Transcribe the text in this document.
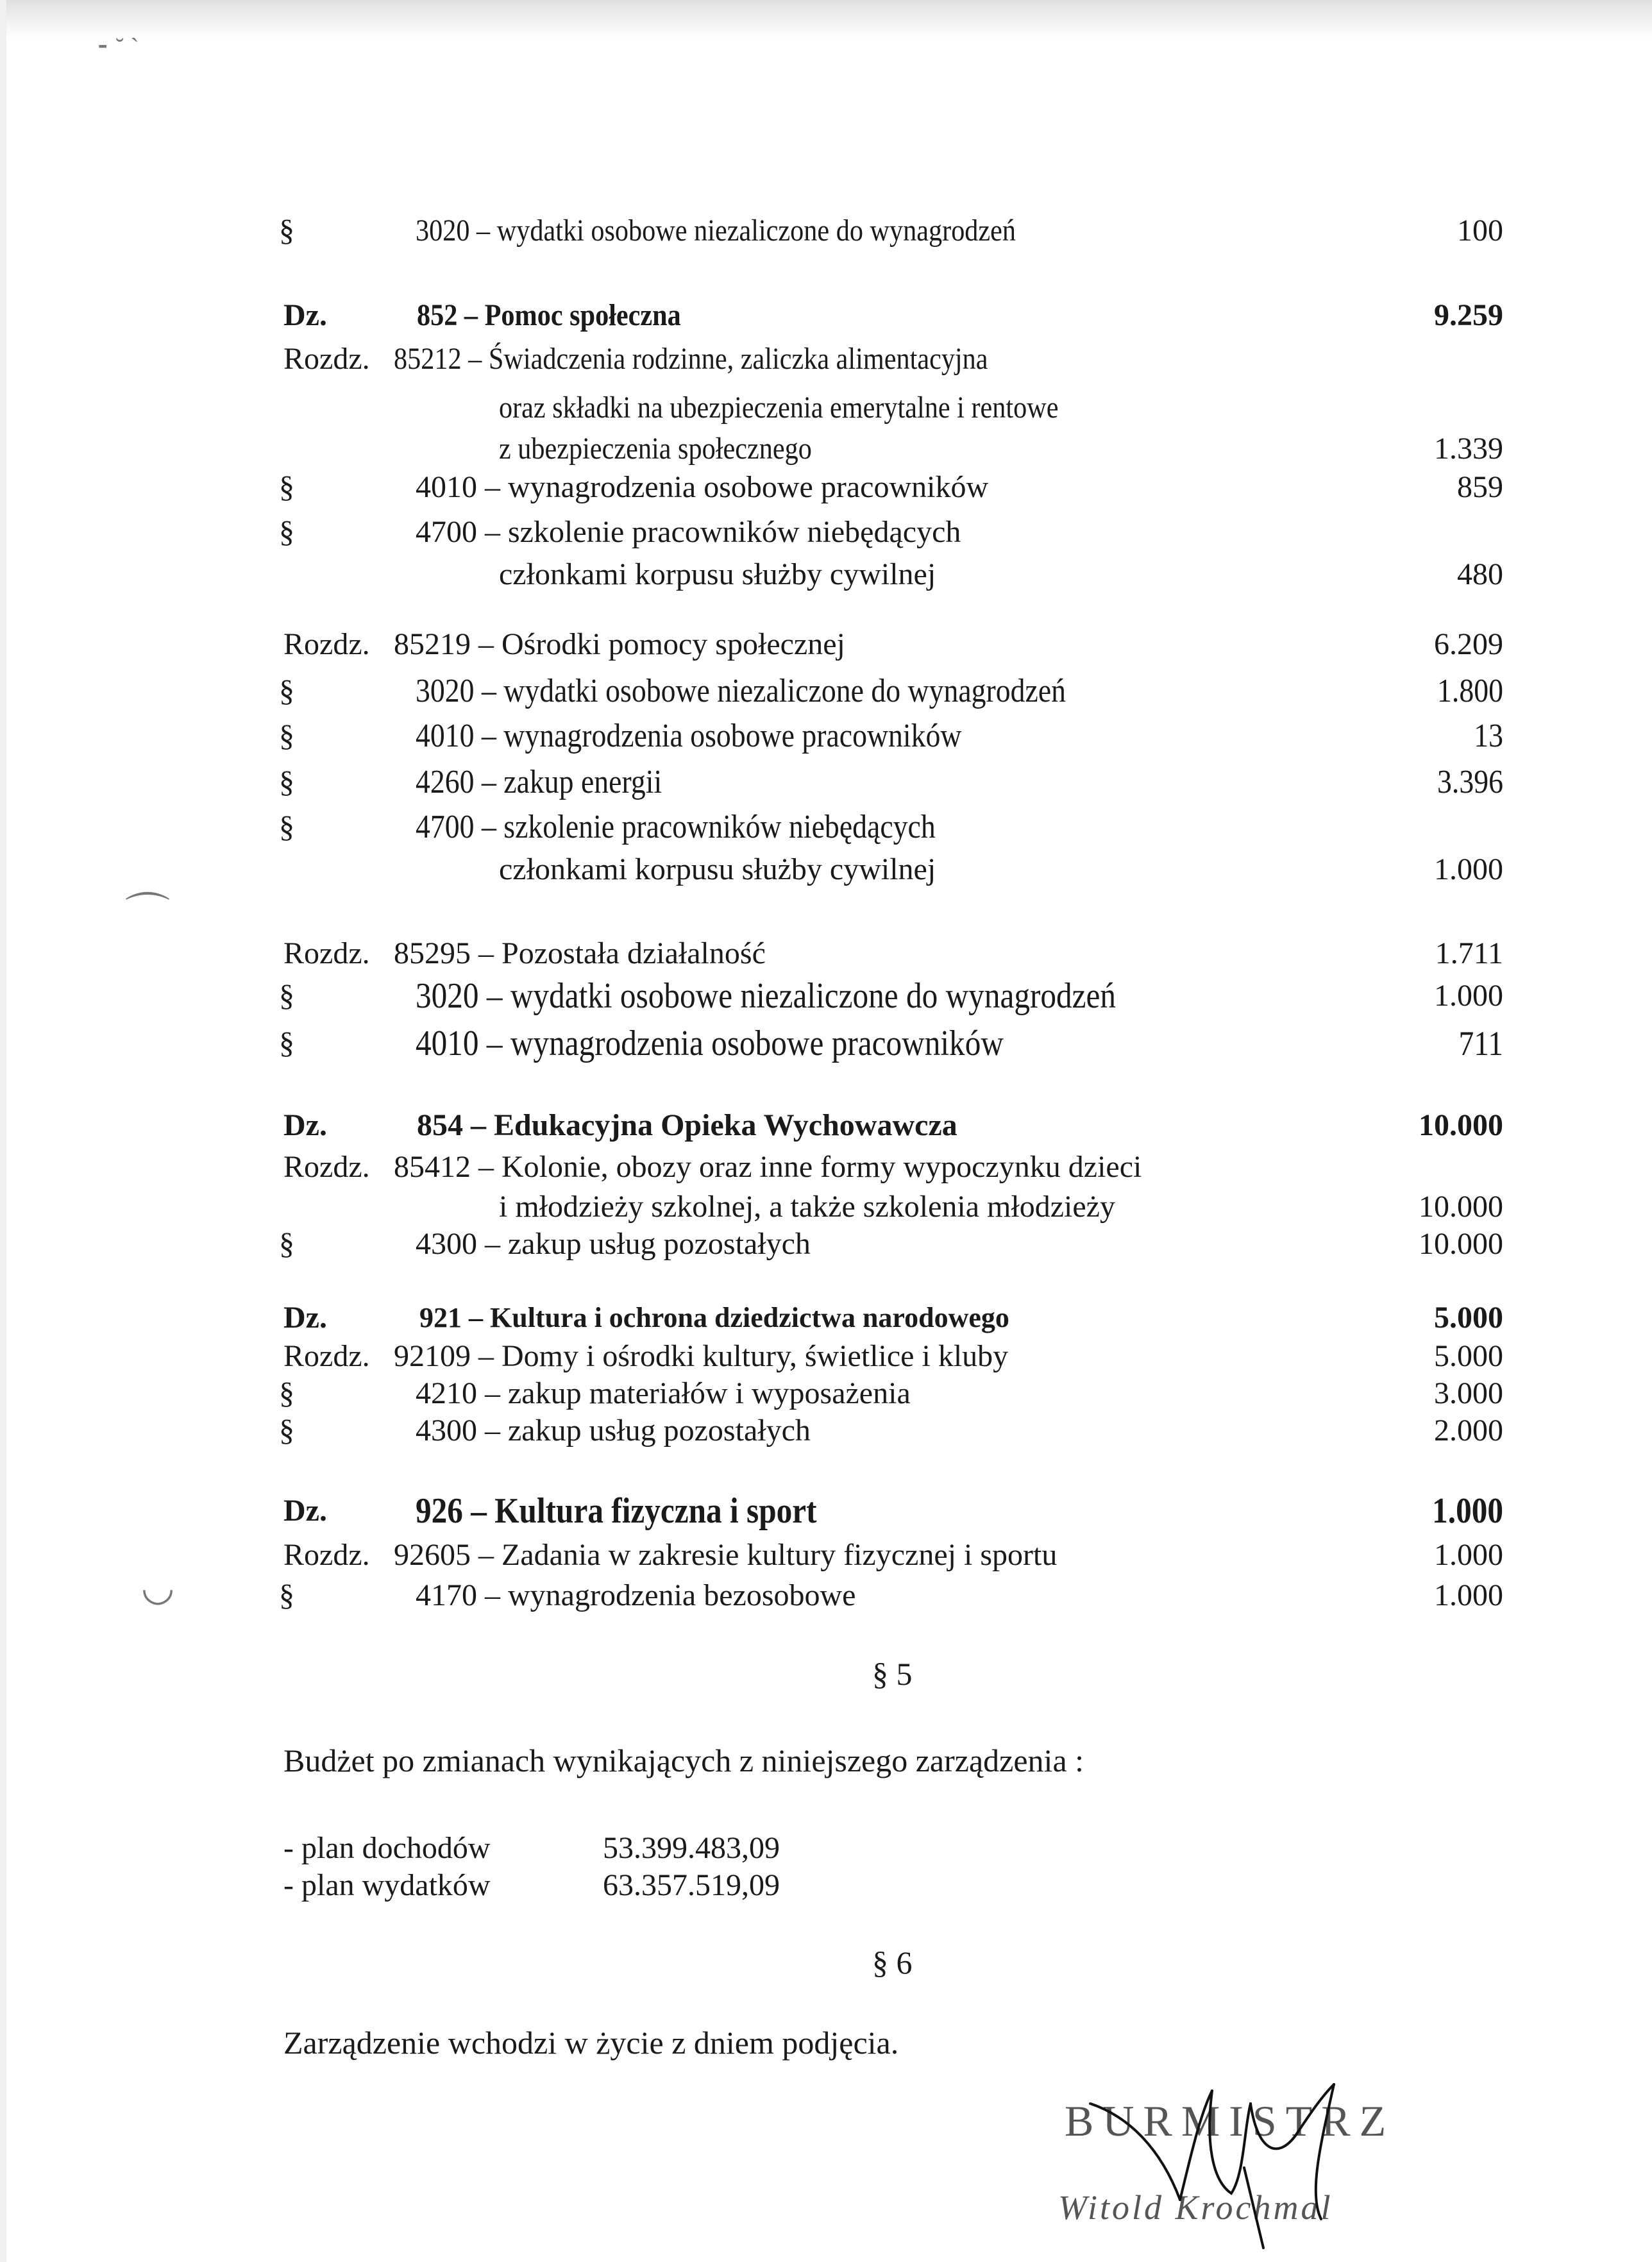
⁃ ˘ ˋ
⌒
◡
§	3020 – wydatki osobowe niezaliczone do wynagrodzeń	100
Dz.	852 – Pomoc społeczna	9.259
Rozdz. 85212 – Świadczenia rodzinne, zaliczka alimentacyjna
oraz składki na ubezpieczenia emerytalne i rentowe
z ubezpieczenia społecznego	1.339
§	4010 – wynagrodzenia osobowe pracowników	859
§	4700 – szkolenie pracowników niebędących
członkami korpusu służby cywilnej	480
Rozdz. 85219 – Ośrodki pomocy społecznej	6.209
§	3020 – wydatki osobowe niezaliczone do wynagrodzeń	1.800
§	4010 – wynagrodzenia osobowe pracowników	13
§	4260 – zakup energii	3.396
§	4700 – szkolenie pracowników niebędących
członkami korpusu służby cywilnej	1.000
Rozdz. 85295 – Pozostała działalność	1.711
§	3020 – wydatki osobowe niezaliczone do wynagrodzeń	1.000
§	4010 – wynagrodzenia osobowe pracowników	711
Dz.	854 – Edukacyjna Opieka Wychowawcza	10.000
Rozdz. 85412 – Kolonie, obozy oraz inne formy wypoczynku dzieci
i młodzieży szkolnej, a także szkolenia młodzieży	10.000
§	4300 – zakup usług pozostałych	10.000
Dz.	921 – Kultura i ochrona dziedzictwa narodowego	5.000
Rozdz. 92109 – Domy i ośrodki kultury, świetlice i kluby	5.000
§	4210 – zakup materiałów i wyposażenia	3.000
§	4300 – zakup usług pozostałych	2.000
Dz. 926 – Kultura fizyczna i sport	1.000
Rozdz. 92605 – Zadania w zakresie kultury fizycznej i sportu	1.000
§	4170 – wynagrodzenia bezosobowe	1.000
§ 5
Budżet po zmianach wynikających z niniejszego zarządzenia :
- plan dochodów	53.399.483,09
- plan wydatków	63.357.519,09
§ 6
Zarządzenie wchodzi w życie z dniem podjęcia.
BURMISTRZ
Witold Krochmal
